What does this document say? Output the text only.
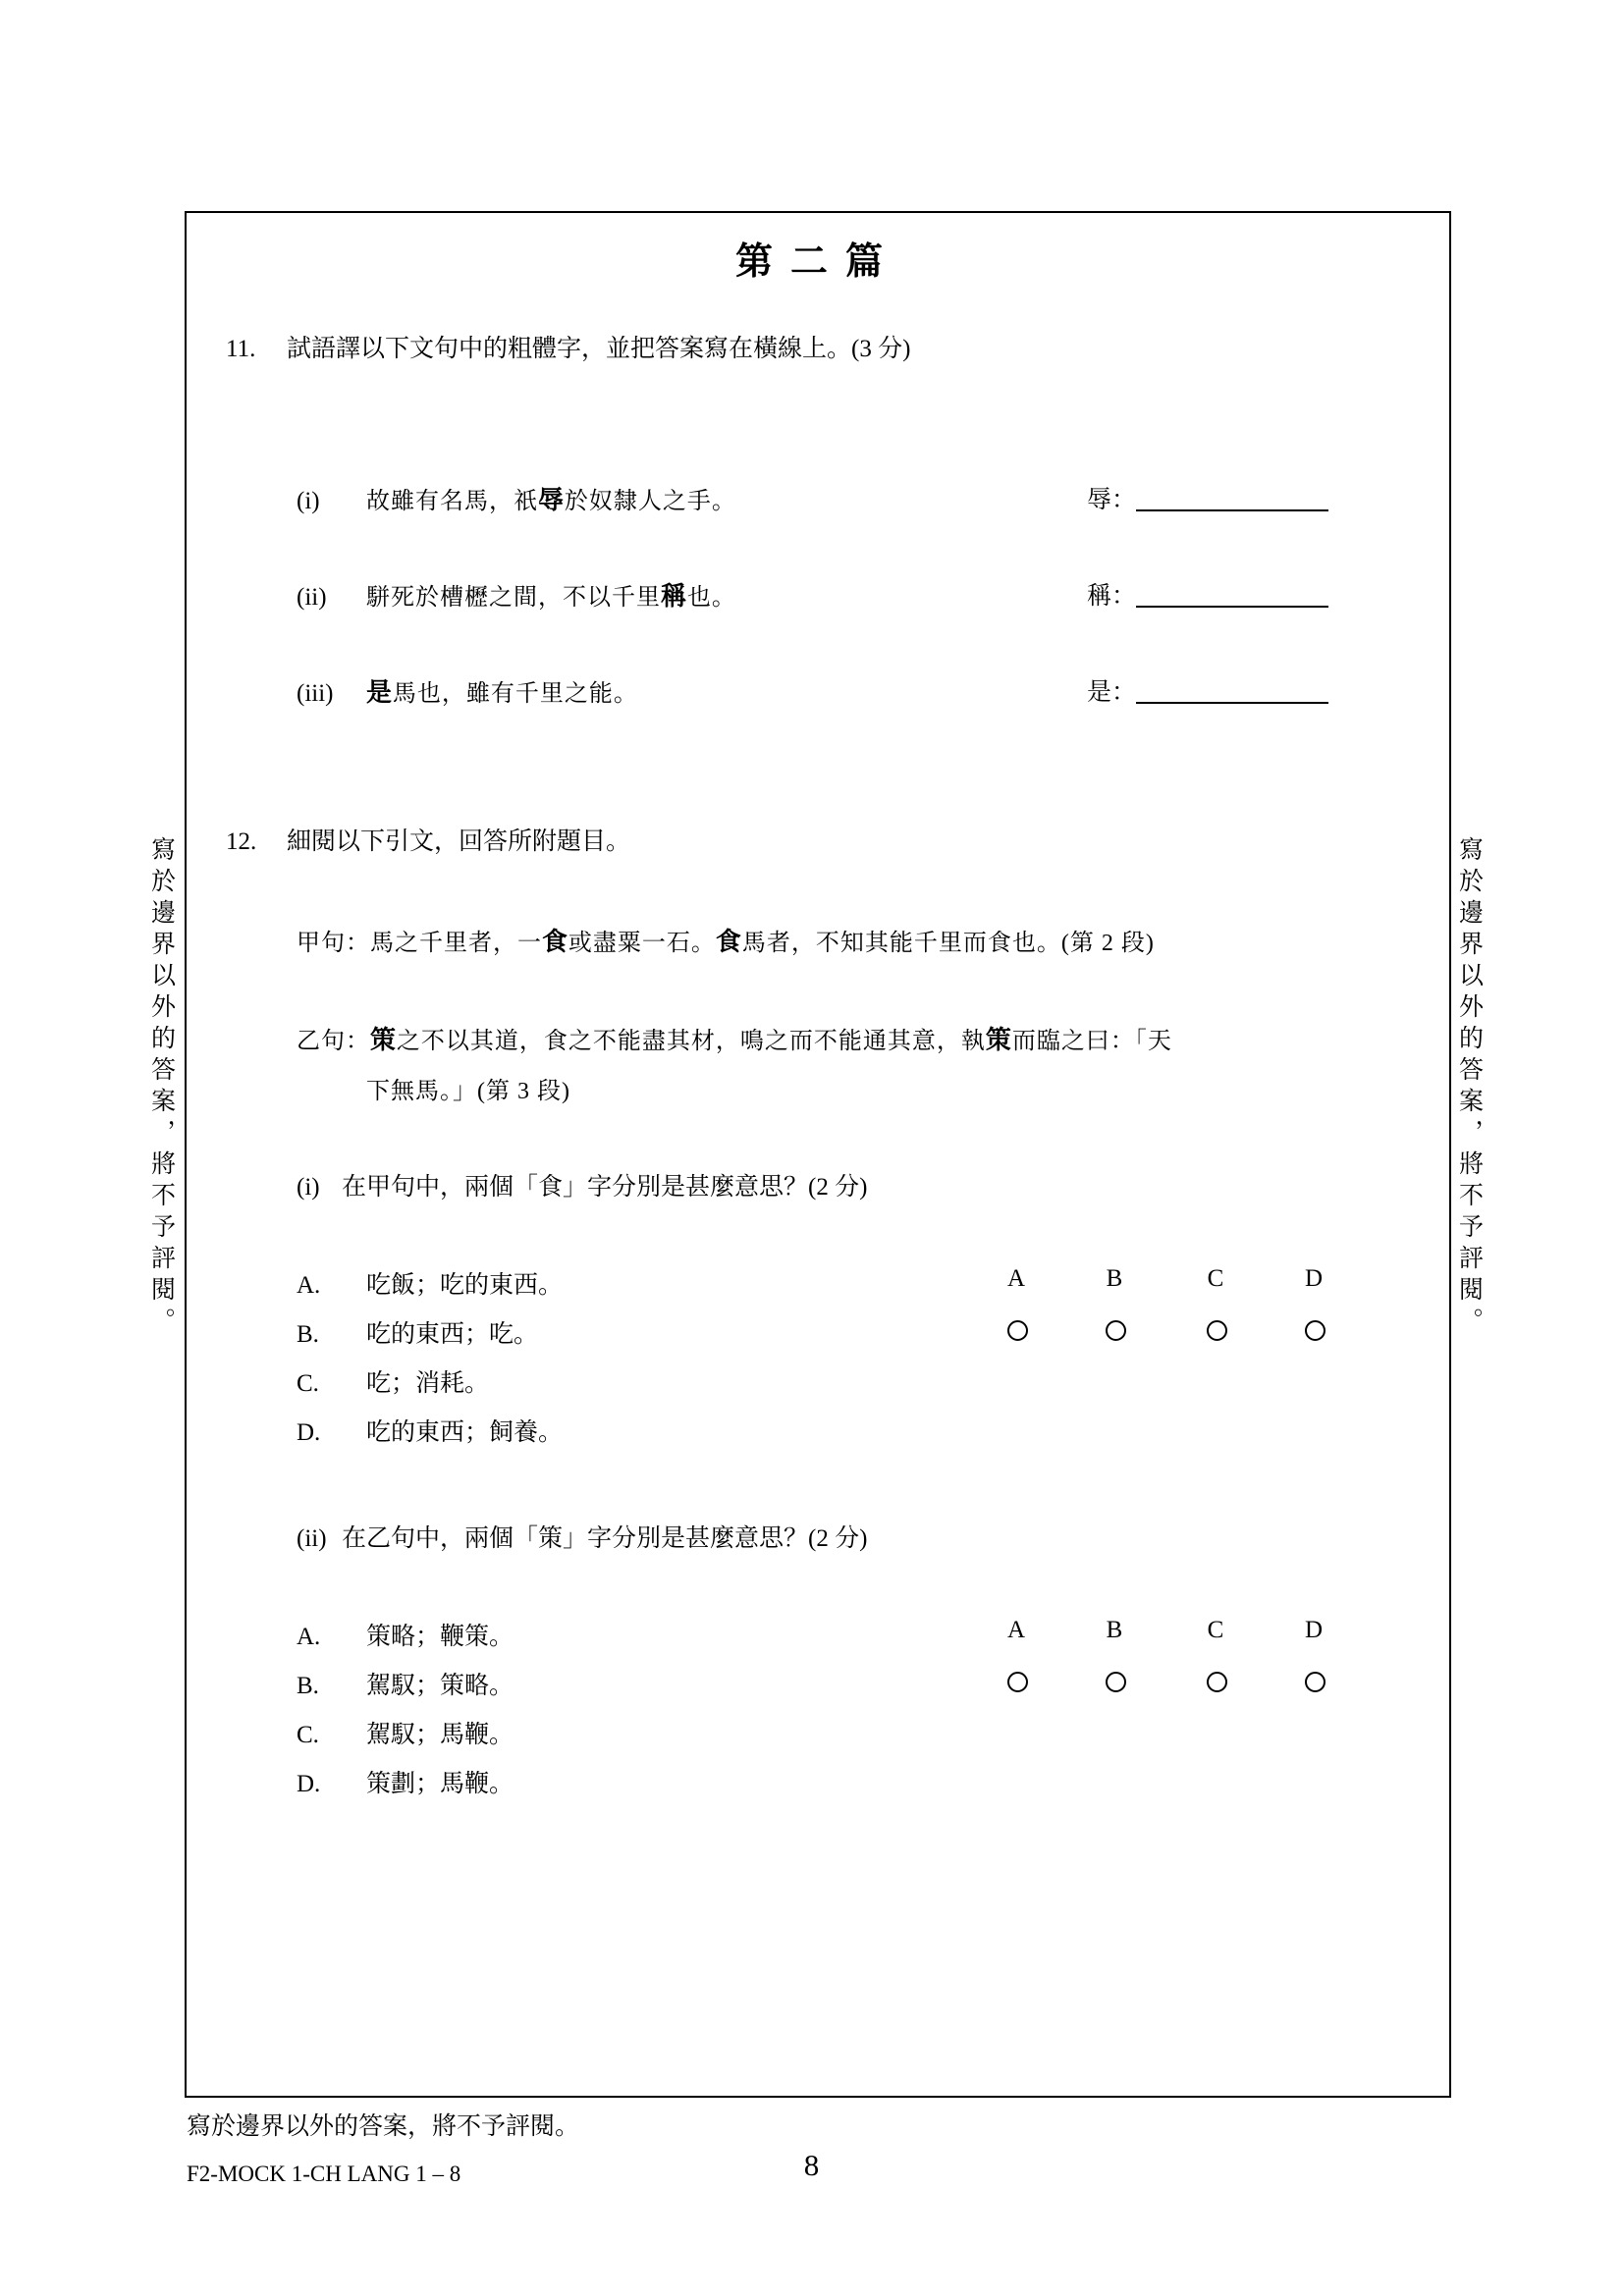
寫於邊界以外的答案，將不予評閱。	寫於邊界以外的答案，將不予評閱。
第二篇
11. 試語譯以下文句中的粗體字，並把答案寫在橫線上。(3 分)
(i) 故雖有名馬，祇辱於奴隸人之手。	辱：
(ii) 駢死於槽櫪之間，不以千里稱也。	稱：
(iii) 是馬也，雖有千里之能。	是：
12. 細閱以下引文，回答所附題目。
甲句：馬之千里者，一食或盡粟一石。食馬者，不知其能千里而食也。(第 2 段)
乙句：策之不以其道，食之不能盡其材，鳴之而不能通其意，執策而臨之曰：「天
下無馬。」(第 3 段)
(i) 在甲句中，兩個「食」字分別是甚麼意思？(2 分)
A. 吃飯；吃的東西。
B. 吃的東西；吃。
C. 吃；消耗。
D. 吃的東西；飼養。
A	B	C	D
(ii) 在乙句中，兩個「策」字分別是甚麼意思？(2 分)
A. 策略；鞭策。
B. 駕馭；策略。
C. 駕馭；馬鞭。
D. 策劃；馬鞭。
A	B	C	D
寫於邊界以外的答案，將不予評閱。
F2-MOCK 1-CH LANG 1 – 8	8
